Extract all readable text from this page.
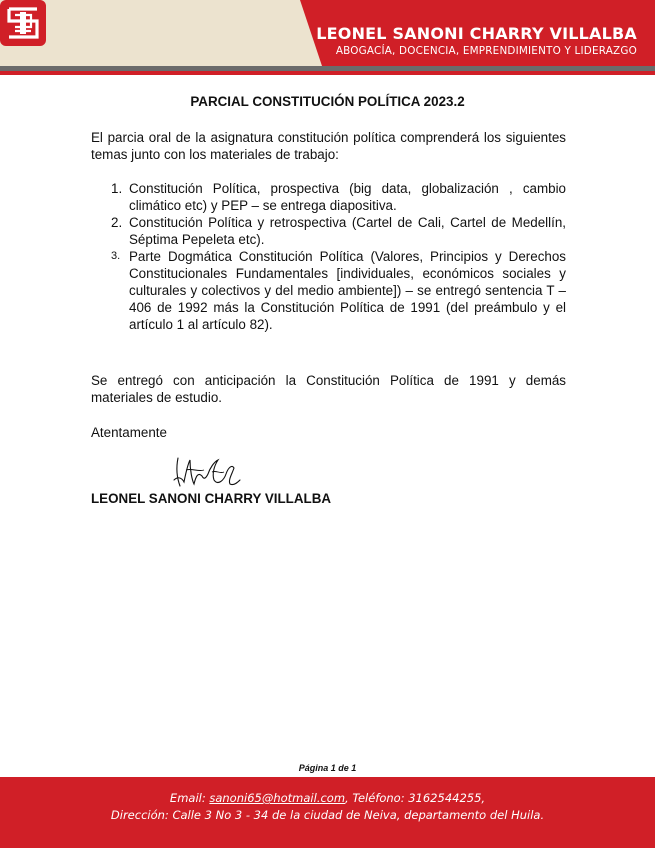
LEONEL SANONI CHARRY VILLALBA
ABOGACÍA, DOCENCIA, EMPRENDIMIENTO Y LIDERAZGO
PARCIAL CONSTITUCIÓN POLÍTICA 2023.2

El parcia oral de la asignatura constitución política comprenderá los siguientes temas junto con los materiales de trabajo:

1. Constitución Política, prospectiva (big data, globalización , cambio climático etc) y PEP – se entrega diapositiva.
2. Constitución Política y retrospectiva (Cartel de Cali, Cartel de Medellín, Séptima Pepeleta etc).
3. Parte Dogmática Constitución Política (Valores, Principios y Derechos Constitucionales Fundamentales [individuales, económicos sociales y culturales y colectivos y del medio ambiente]) – se entregó sentencia T – 406 de 1992 más la Constitución Política de 1991 (del preámbulo y el artículo 1 al artículo 82).

Se entregó con anticipación la Constitución Política de 1991 y demás materiales de estudio.

Atentamente

LEONEL SANONI CHARRY VILLALBA

Página 1 de 1
Email: sanoni65@hotmail.com, Teléfono: 3162544255,
Dirección: Calle 3 No 3 - 34 de la ciudad de Neiva, departamento del Huila.
